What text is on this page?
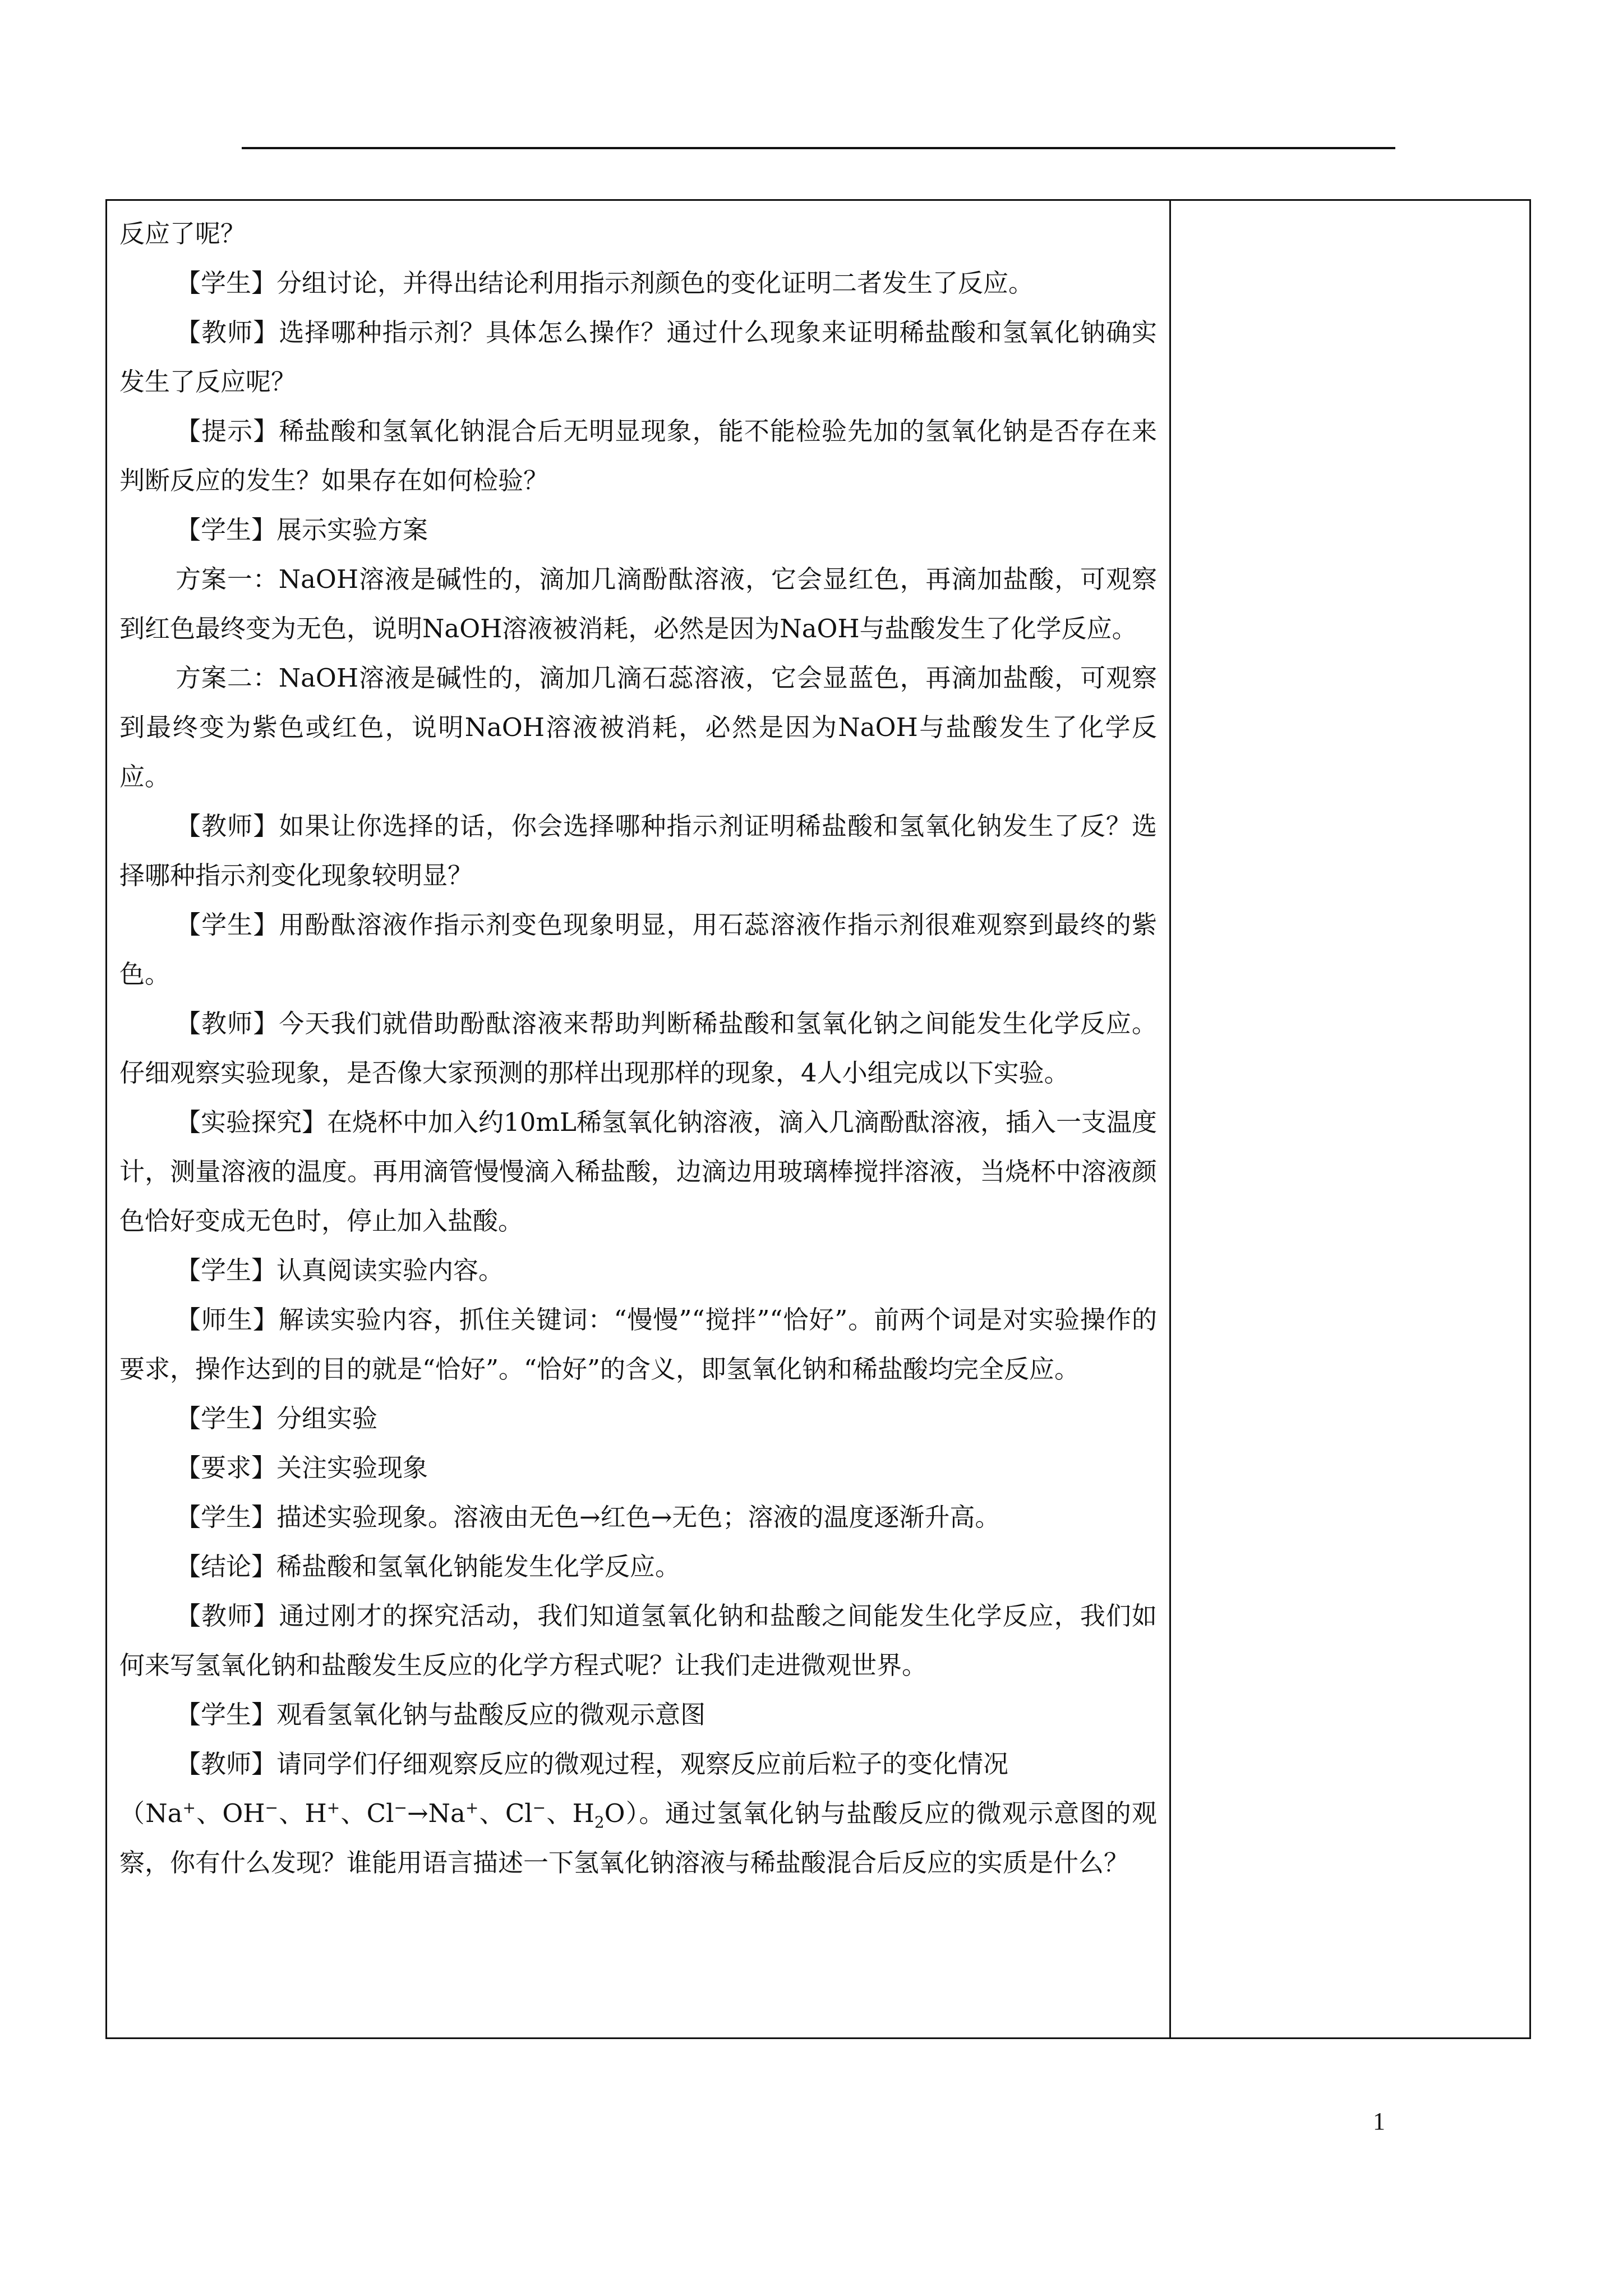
反应了呢？

【学生】分组讨论，并得出结论利用指示剂颜色的变化证明二者发生了反应。

【教师】选择哪种指示剂？具体怎么操作？通过什么现象来证明稀盐酸和氢氧化钠确实发生了反应呢？

【提示】稀盐酸和氢氧化钠混合后无明显现象，能不能检验先加的氢氧化钠是否存在来判断反应的发生？如果存在如何检验？

【学生】展示实验方案

方案一：NaOH溶液是碱性的，滴加几滴酚酞溶液，它会显红色，再滴加盐酸，可观察到红色最终变为无色，说明NaOH溶液被消耗，必然是因为NaOH与盐酸发生了化学反应。

方案二：NaOH溶液是碱性的，滴加几滴石蕊溶液，它会显蓝色，再滴加盐酸，可观察到最终变为紫色或红色，说明NaOH溶液被消耗，必然是因为NaOH与盐酸发生了化学反应。

【教师】如果让你选择的话，你会选择哪种指示剂证明稀盐酸和氢氧化钠发生了反？选择哪种指示剂变化现象较明显？

【学生】用酚酞溶液作指示剂变色现象明显，用石蕊溶液作指示剂很难观察到最终的紫色。

【教师】今天我们就借助酚酞溶液来帮助判断稀盐酸和氢氧化钠之间能发生化学反应。仔细观察实验现象，是否像大家预测的那样出现那样的现象，4人小组完成以下实验。

【实验探究】在烧杯中加入约10mL稀氢氧化钠溶液，滴入几滴酚酞溶液，插入一支温度计，测量溶液的温度。再用滴管慢慢滴入稀盐酸，边滴边用玻璃棒搅拌溶液，当烧杯中溶液颜色恰好变成无色时，停止加入盐酸。

【学生】认真阅读实验内容。

【师生】解读实验内容，抓住关键词：“慢慢”“搅拌”“恰好”。前两个词是对实验操作的要求，操作达到的目的就是“恰好”。“恰好”的含义，即氢氧化钠和稀盐酸均完全反应。

【学生】分组实验

【要求】关注实验现象

【学生】描述实验现象。溶液由无色→红色→无色；溶液的温度逐渐升高。

【结论】稀盐酸和氢氧化钠能发生化学反应。

【教师】通过刚才的探究活动，我们知道氢氧化钠和盐酸之间能发生化学反应，我们如何来写氢氧化钠和盐酸发生反应的化学方程式呢？让我们走进微观世界。

【学生】观看氢氧化钠与盐酸反应的微观示意图

【教师】请同学们仔细观察反应的微观过程，观察反应前后粒子的变化情况

（Na+、OH−、H+、Cl−→Na+、Cl−、$H_2O$）。通过氢氧化钠与盐酸反应的微观示意图的观察，你有什么发现？谁能用语言描述一下氢氧化钠溶液与稀盐酸混合后反应的实质是什么？

1
